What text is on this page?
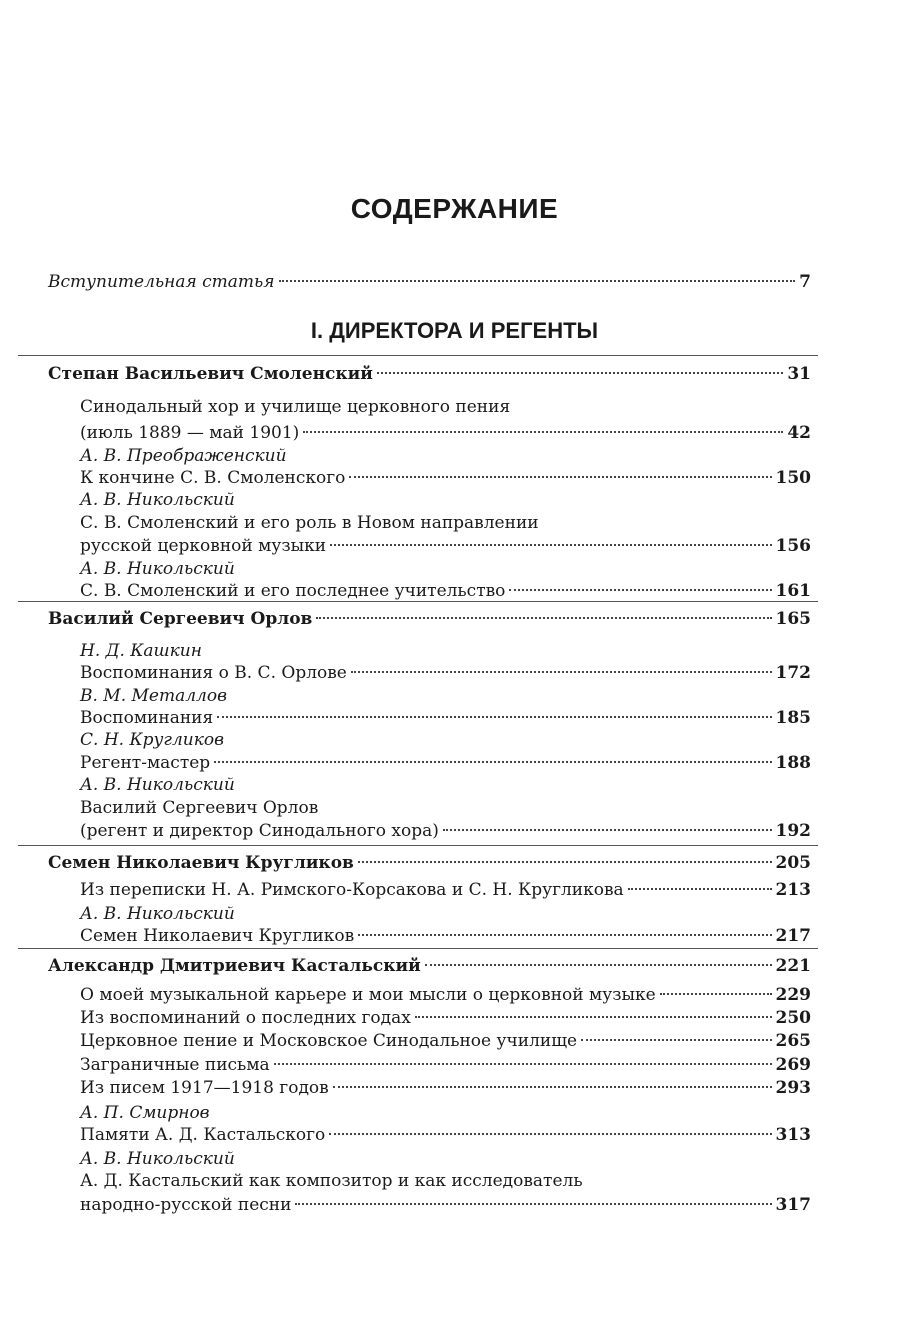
СОДЕРЖАНИЕ
Вступительная статья	7
I. ДИРЕКТОРА И РЕГЕНТЫ
Степан Васильевич Смоленский	31
Синодальный хор и училище церковного пения
(июль 1889 — май 1901)	42
А. В. Преображенский
К кончине С. В. Смоленского	150
А. В. Никольский
С. В. Смоленский и его роль в Новом направлении
русской церковной музыки	156
А. В. Никольский
С. В. Смоленский и его последнее учительство	161
Василий Сергеевич Орлов	165
Н. Д. Кашкин
Воспоминания о В. С. Орлове	172
В. М. Металлов
Воспоминания	185
С. Н. Кругликов
Регент-мастер	188
А. В. Никольский
Василий Сергеевич Орлов
(регент и директор Синодального хора)	192
Семен Николаевич Кругликов	205
Из переписки Н. А. Римского-Корсакова и С. Н. Кругликова	213
А. В. Никольский
Семен Николаевич Кругликов	217
Александр Дмитриевич Кастальский	221
О моей музыкальной карьере и мои мысли о церковной музыке	229
Из воспоминаний о последних годах	250
Церковное пение и Московское Синодальное училище	265
Заграничные письма	269
Из писем 1917—1918 годов	293
А. П. Смирнов
Памяти А. Д. Кастальского	313
А. В. Никольский
А. Д. Кастальский как композитор и как исследователь
народно-русской песни	317
